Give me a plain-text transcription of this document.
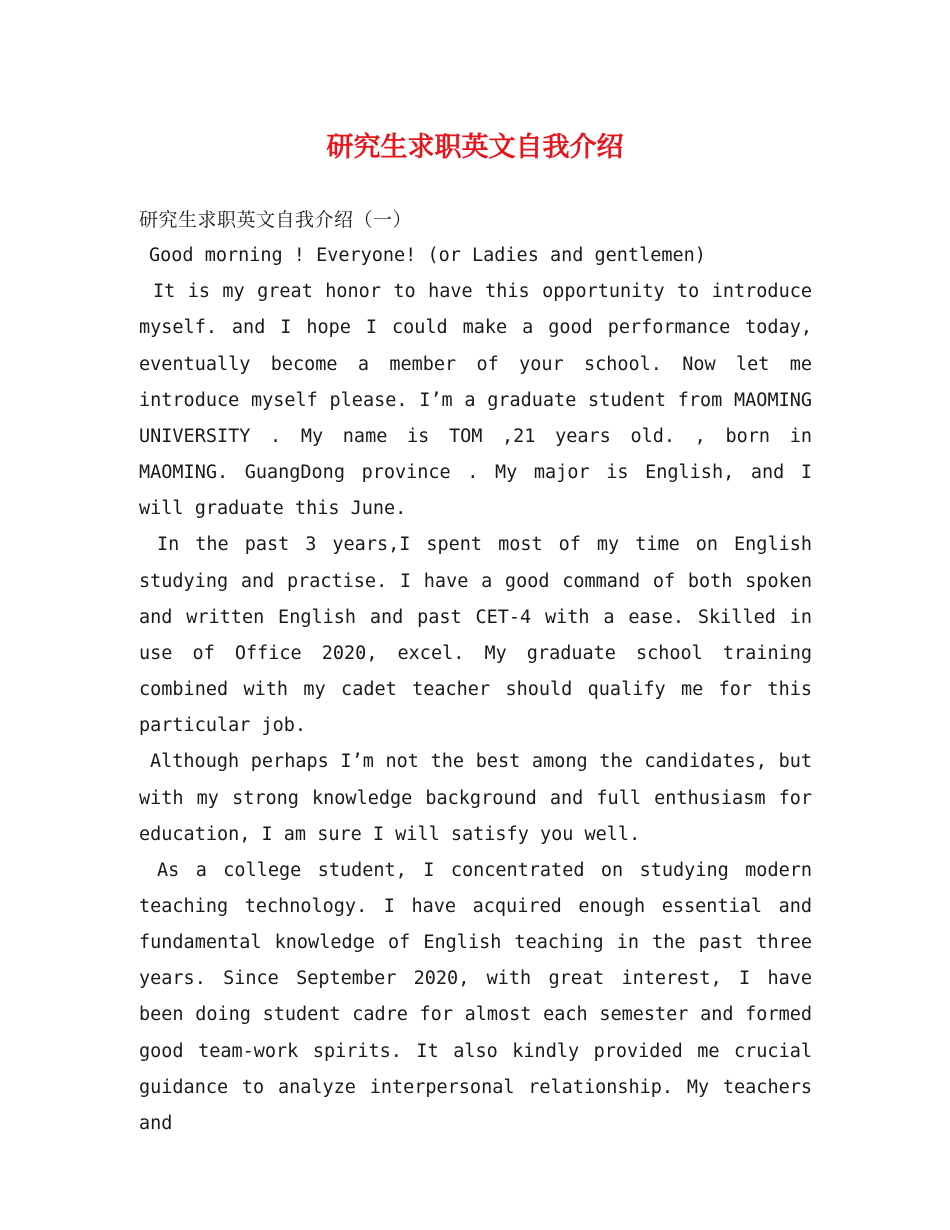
研究生求职英文自我介绍

研究生求职英文自我介绍（一）

Good morning ! Everyone! (or Ladies and gentlemen)

It is my great honor to have this opportunity to introduce myself. and I hope I could make a good performance today, eventually become a member of your school. Now let me introduce myself please. I’m a graduate student from MAOMING UNIVERSITY . My name is TOM ,21 years old. , born in MAOMING. GuangDong province . My major is English, and I will graduate this June.

In the past 3 years,I spent most of my time on English studying and practise. I have a good command of both spoken and written English and past CET-4 with a ease. Skilled in use of Office 2020, excel. My graduate school training combined with my cadet teacher should qualify me for this particular job.

Although perhaps I’m not the best among the candidates, but with my strong knowledge background and full enthusiasm for education, I am sure I will satisfy you well.

As a college student, I concentrated on studying modern teaching technology. I have acquired enough essential and fundamental knowledge of English teaching in the past three years. Since September 2020, with great interest, I have been doing student cadre for almost each semester and formed good team-work spirits. It also kindly provided me crucial guidance to analyze interpersonal relationship. My teachers and
